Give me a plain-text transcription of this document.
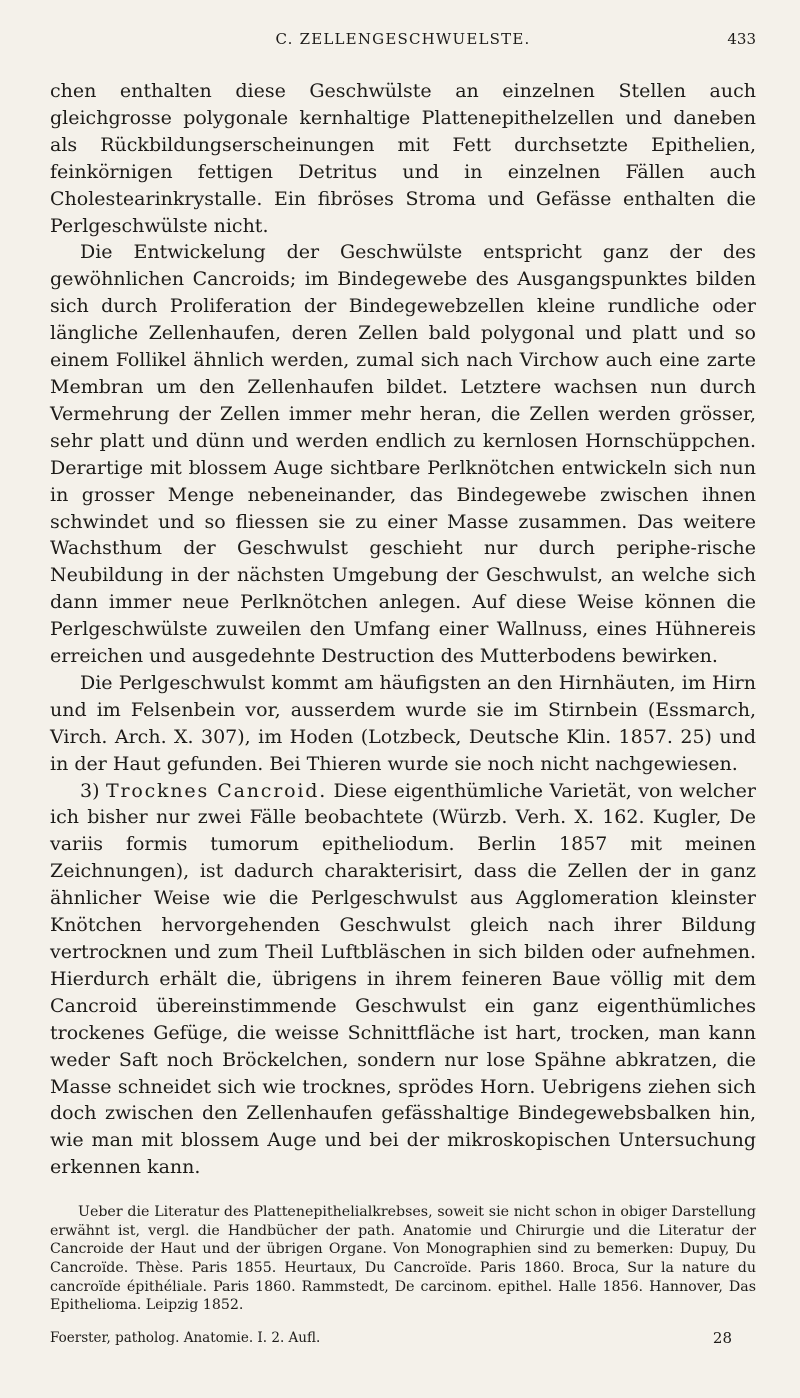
C. ZELLENGESCHWUELSTE.	433

chen enthalten diese Geschwülste an einzelnen Stellen auch gleichgrosse polygonale kernhaltige Plattenepithelzellen und daneben als Rückbildungserscheinungen mit Fett durchsetzte Epithelien, feinkörnigen fettigen Detritus und in einzelnen Fällen auch Cholestearinkrystalle. Ein fibröses Stroma und Gefässe enthalten die Perlgeschwülste nicht.

Die Entwickelung der Geschwülste entspricht ganz der des gewöhnlichen Cancroids; im Bindegewebe des Ausgangspunktes bilden sich durch Proliferation der Bindegewebzellen kleine rundliche oder längliche Zellenhaufen, deren Zellen bald polygonal und platt und so einem Follikel ähnlich werden, zumal sich nach Virchow auch eine zarte Membran um den Zellenhaufen bildet. Letztere wachsen nun durch Vermehrung der Zellen immer mehr heran, die Zellen werden grösser, sehr platt und dünn und werden endlich zu kernlosen Hornschüppchen. Derartige mit blossem Auge sichtbare Perlknötchen entwickeln sich nun in grosser Menge nebeneinander, das Bindegewebe zwischen ihnen schwindet und so fliessen sie zu einer Masse zusammen. Das weitere Wachsthum der Geschwulst geschieht nur durch periphe-rische Neubildung in der nächsten Umgebung der Geschwulst, an welche sich dann immer neue Perlknötchen anlegen. Auf diese Weise können die Perlgeschwülste zuweilen den Umfang einer Wallnuss, eines Hühnereis erreichen und ausgedehnte Destruction des Mutterbodens bewirken.

Die Perlgeschwulst kommt am häufigsten an den Hirnhäuten, im Hirn und im Felsenbein vor, ausserdem wurde sie im Stirnbein (Essmarch, Virch. Arch. X. 307), im Hoden (Lotzbeck, Deutsche Klin. 1857. 25) und in der Haut gefunden. Bei Thieren wurde sie noch nicht nachgewiesen.

3) Trocknes Cancroid. Diese eigenthümliche Varietät, von welcher ich bisher nur zwei Fälle beobachtete (Würzb. Verh. X. 162. Kugler, De variis formis tumorum epitheliodum. Berlin 1857 mit meinen Zeichnungen), ist dadurch charakterisirt, dass die Zellen der in ganz ähnlicher Weise wie die Perlgeschwulst aus Agglomeration kleinster Knötchen hervorgehenden Geschwulst gleich nach ihrer Bildung vertrocknen und zum Theil Luftbläschen in sich bilden oder aufnehmen. Hierdurch erhält die, übrigens in ihrem feineren Baue völlig mit dem Cancroid übereinstimmende Geschwulst ein ganz eigenthümliches trockenes Gefüge, die weisse Schnittfläche ist hart, trocken, man kann weder Saft noch Bröckelchen, sondern nur lose Spähne abkratzen, die Masse schneidet sich wie trocknes, sprödes Horn. Uebrigens ziehen sich doch zwischen den Zellenhaufen gefässhaltige Bindegewebsbalken hin, wie man mit blossem Auge und bei der mikroskopischen Untersuchung erkennen kann.

Ueber die Literatur des Plattenepithelialkrebses, soweit sie nicht schon in obiger Darstellung erwähnt ist, vergl. die Handbücher der path. Anatomie und Chirurgie und die Literatur der Cancroide der Haut und der übrigen Organe. Von Monographien sind zu bemerken: Dupuy, Du Cancroïde. Thèse. Paris 1855. Heurtaux, Du Cancroïde. Paris 1860. Broca, Sur la nature du cancroïde épithéliale. Paris 1860. Rammstedt, De carcinom. epithel. Halle 1856. Hannover, Das Epithelioma. Leipzig 1852.

Foerster, patholog. Anatomie. I. 2. Aufl.	28
